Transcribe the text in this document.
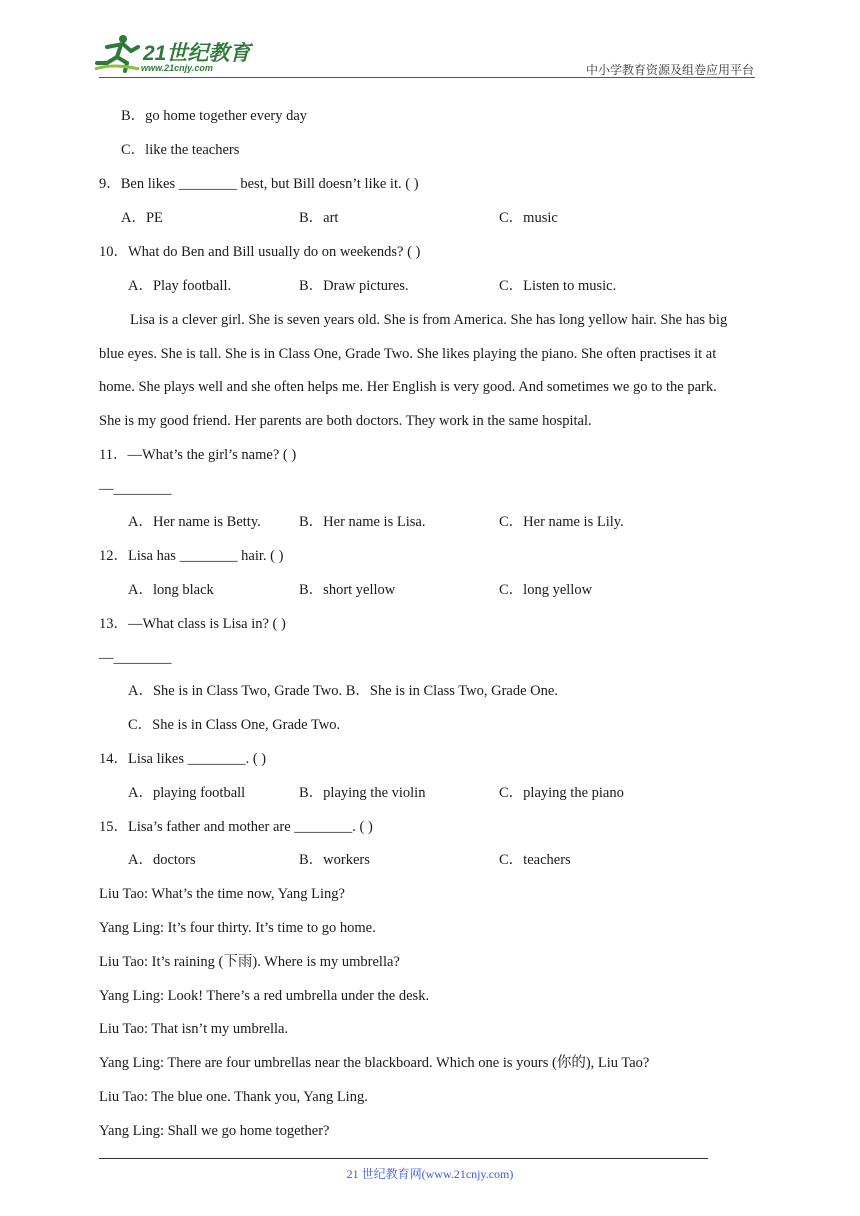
21世纪教育
www.21cnjy.com	中小学教育资源及组卷应用平台
B．go home together every day
C．like the teachers
9．Ben likes ________ best, but Bill doesn’t like it. ( )
A．PE	B．art	C．music
10．What do Ben and Bill usually do on weekends? ( )
A．Play football.	B．Draw pictures.	C．Listen to music.
Lisa is a clever girl. She is seven years old. She is from America. She has long yellow hair. She has big
blue eyes. She is tall. She is in Class One, Grade Two. She likes playing the piano. She often practises it at
home. She plays well and she often helps me. Her English is very good. And sometimes we go to the park.
She is my good friend. Her parents are both doctors. They work in the same hospital.
11．—What’s the girl’s name? ( )
—________
A．Her name is Betty.	B．Her name is Lisa.	C．Her name is Lily.
12．Lisa has ________ hair. ( )
A．long black	B．short yellow	C．long yellow
13．—What class is Lisa in? ( )
—________
A．She is in Class Two, Grade Two. B．She is in Class Two, Grade One.
C．She is in Class One, Grade Two.
14．Lisa likes ________. ( )
A．playing football	B．playing the violin	C．playing the piano
15．Lisa’s father and mother are ________. ( )
A．doctors	B．workers	C．teachers
Liu Tao: What’s the time now, Yang Ling?
Yang Ling: It’s four thirty. It’s time to go home.
Liu Tao: It’s raining (下雨). Where is my umbrella?
Yang Ling: Look! There’s a red umbrella under the desk.
Liu Tao: That isn’t my umbrella.
Yang Ling: There are four umbrellas near the blackboard. Which one is yours (你的), Liu Tao?
Liu Tao: The blue one. Thank you, Yang Ling.
Yang Ling: Shall we go home together?
21 世纪教育网(www.21cnjy.com)
